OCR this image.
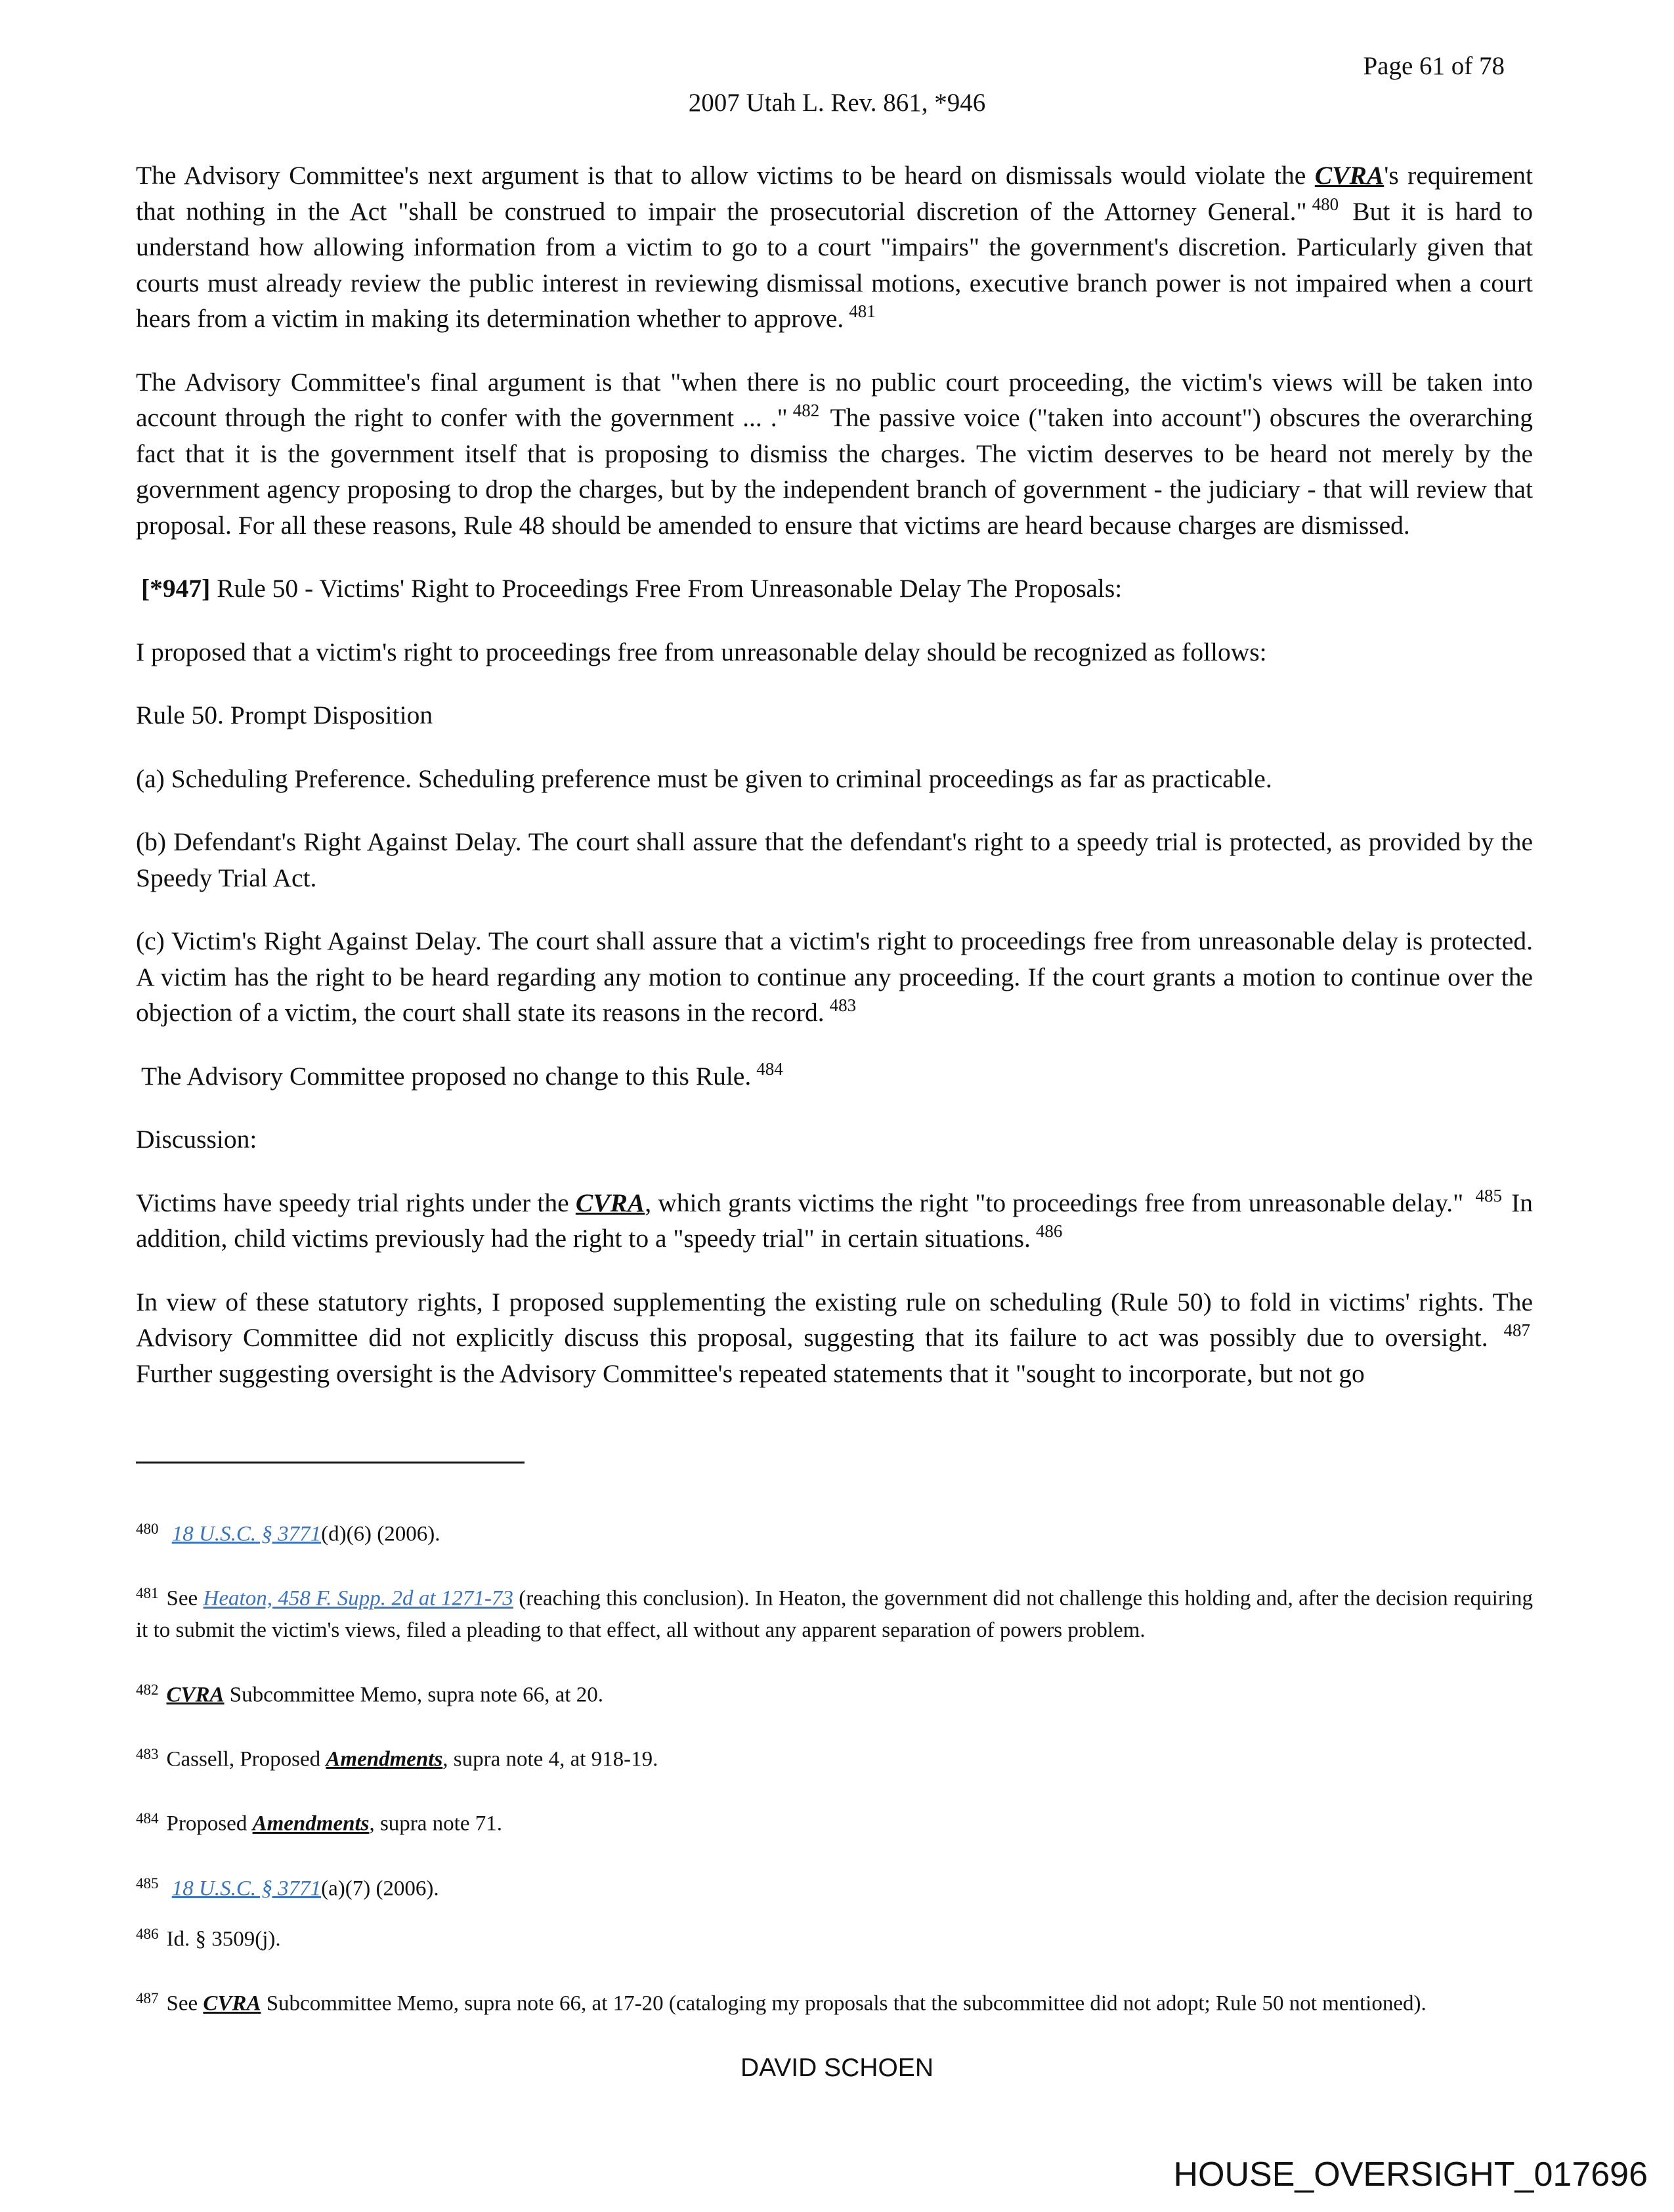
Page 61 of 78
2007 Utah L. Rev. 861, *946

The Advisory Committee's next argument is that to allow victims to be heard on dismissals would violate the CVRA's requirement that nothing in the Act "shall be construed to impair the prosecutorial discretion of the Attorney General." $^{480}$ But it is hard to understand how allowing information from a victim to go to a court "impairs" the government's discretion. Particularly given that courts must already review the public interest in reviewing dismissal motions, executive branch power is not impaired when a court hears from a victim in making its determination whether to approve. $^{481}$

The Advisory Committee's final argument is that "when there is no public court proceeding, the victim's views will be taken into account through the right to confer with the government ... ." $^{482}$ The passive voice ("taken into account") obscures the overarching fact that it is the government itself that is proposing to dismiss the charges. The victim deserves to be heard not merely by the government agency proposing to drop the charges, but by the independent branch of government - the judiciary - that will review that proposal. For all these reasons, Rule 48 should be amended to ensure that victims are heard because charges are dismissed.

[*947] Rule 50 - Victims' Right to Proceedings Free From Unreasonable Delay The Proposals:

I proposed that a victim's right to proceedings free from unreasonable delay should be recognized as follows:

Rule 50. Prompt Disposition

(a) Scheduling Preference. Scheduling preference must be given to criminal proceedings as far as practicable.

(b) Defendant's Right Against Delay. The court shall assure that the defendant's right to a speedy trial is protected, as provided by the Speedy Trial Act.

(c) Victim's Right Against Delay. The court shall assure that a victim's right to proceedings free from unreasonable delay is protected. A victim has the right to be heard regarding any motion to continue any proceeding. If the court grants a motion to continue over the objection of a victim, the court shall state its reasons in the record. $^{483}$

The Advisory Committee proposed no change to this Rule. $^{484}$

Discussion:

Victims have speedy trial rights under the CVRA, which grants victims the right "to proceedings free from unreasonable delay." $^{485}$ In addition, child victims previously had the right to a "speedy trial" in certain situations. $^{486}$

In view of these statutory rights, I proposed supplementing the existing rule on scheduling (Rule 50) to fold in victims' rights. The Advisory Committee did not explicitly discuss this proposal, suggesting that its failure to act was possibly due to oversight. $^{487}$ Further suggesting oversight is the Advisory Committee's repeated statements that it "sought to incorporate, but not go

$^{480}$ 18 U.S.C. § 3771(d)(6) (2006).
$^{481}$ See Heaton, 458 F. Supp. 2d at 1271-73 (reaching this conclusion). In Heaton, the government did not challenge this holding and, after the decision requiring it to submit the victim's views, filed a pleading to that effect, all without any apparent separation of powers problem.
$^{482}$ CVRA Subcommittee Memo, supra note 66, at 20.
$^{483}$ Cassell, Proposed Amendments, supra note 4, at 918-19.
$^{484}$ Proposed Amendments, supra note 71.
$^{485}$ 18 U.S.C. § 3771(a)(7) (2006).
$^{486}$ Id. § 3509(j).
$^{487}$ See CVRA Subcommittee Memo, supra note 66, at 17-20 (cataloging my proposals that the subcommittee did not adopt; Rule 50 not mentioned).
DAVID SCHOEN
HOUSE_OVERSIGHT_017696
